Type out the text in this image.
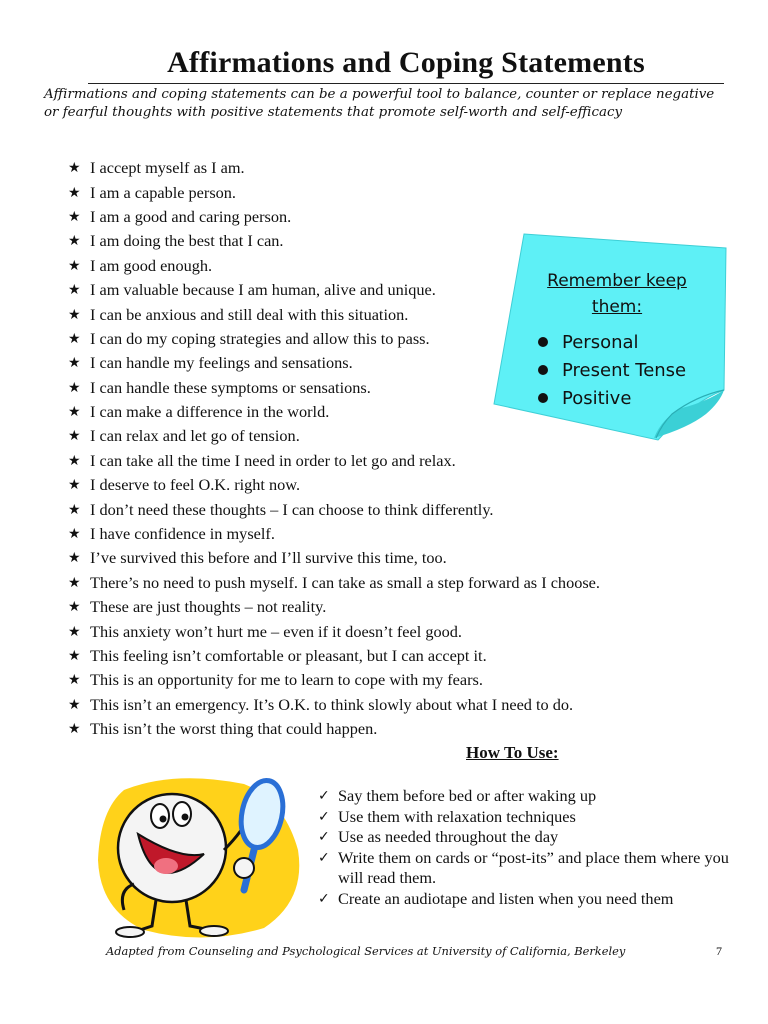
Affirmations and Coping Statements
Affirmations and coping statements can be a powerful tool to balance, counter or replace negative or fearful thoughts with positive statements that promote self-worth and self-efficacy
★ I accept myself as I am.
★ I am a capable person.
★ I am a good and caring person.
★ I am doing the best that I can.
★ I am good enough.
★ I am valuable because I am human, alive and unique.
★ I can be anxious and still deal with this situation.
★ I can do my coping strategies and allow this to pass.
★ I can handle my feelings and sensations.
★ I can handle these symptoms or sensations.
★ I can make a difference in the world.
★ I can relax and let go of tension.
★ I can take all the time I need in order to let go and relax.
★ I deserve to feel O.K. right now.
★ I don’t need these thoughts – I can choose to think differently.
★ I have confidence in myself.
★ I’ve survived this before and I’ll survive this time, too.
★ There’s no need to push myself. I can take as small a step forward as I choose.
★ These are just thoughts – not reality.
★ This anxiety won’t hurt me – even if it doesn’t feel good.
★ This feeling isn’t comfortable or pleasant, but I can accept it.
★ This is an opportunity for me to learn to cope with my fears.
★ This isn’t an emergency. It’s O.K. to think slowly about what I need to do.
★ This isn’t the worst thing that could happen.
Remember keep them:
Personal
Present Tense
Positive
How To Use:
✓ Say them before bed or after waking up
✓ Use them with relaxation techniques
✓ Use as needed throughout the day
✓ Write them on cards or “post-its” and place them where you will read them.
✓ Create an audiotape and listen when you need them
Adapted from Counseling and Psychological Services at University of California, Berkeley	7
